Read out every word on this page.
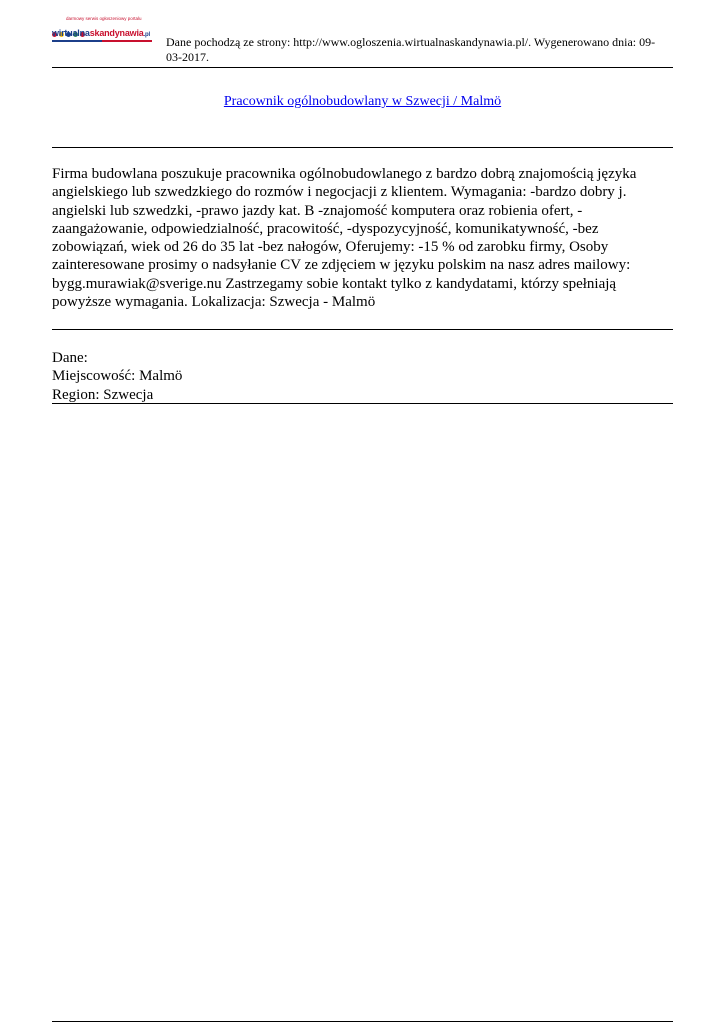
darmowy serwis ogłoszeniowy portalu
wirtualnaskandynawia.pl Dane pochodzą ze strony: http://www.ogloszenia.wirtualnaskandynawia.pl/. Wygenerowano dnia: 09-03-2017.
Pracownik ogólnobudowlany w Szwecji / Malmö

Firma budowlana poszukuje pracownika ogólnobudowlanego z bardzo dobrą znajomością języka angielskiego lub szwedzkiego do rozmów i negocjacji z klientem. Wymagania: -bardzo dobry j. angielski lub szwedzki, -prawo jazdy kat. B -znajomość komputera oraz robienia ofert, -zaangażowanie, odpowiedzialność, pracowitość, -dyspozycyjność, komunikatywność, -bez zobowiązań, wiek od 26 do 35 lat -bez nałogów, Oferujemy: -15 % od zarobku firmy, Osoby zainteresowane prosimy o nadsyłanie CV ze zdjęciem w języku polskim na nasz adres mailowy: bygg.murawiak@sverige.nu Zastrzegamy sobie kontakt tylko z kandydatami, którzy spełniają powyższe wymagania. Lokalizacja: Szwecja - Malmö

Dane:
Miejscowość: Malmö
Region: Szwecja
